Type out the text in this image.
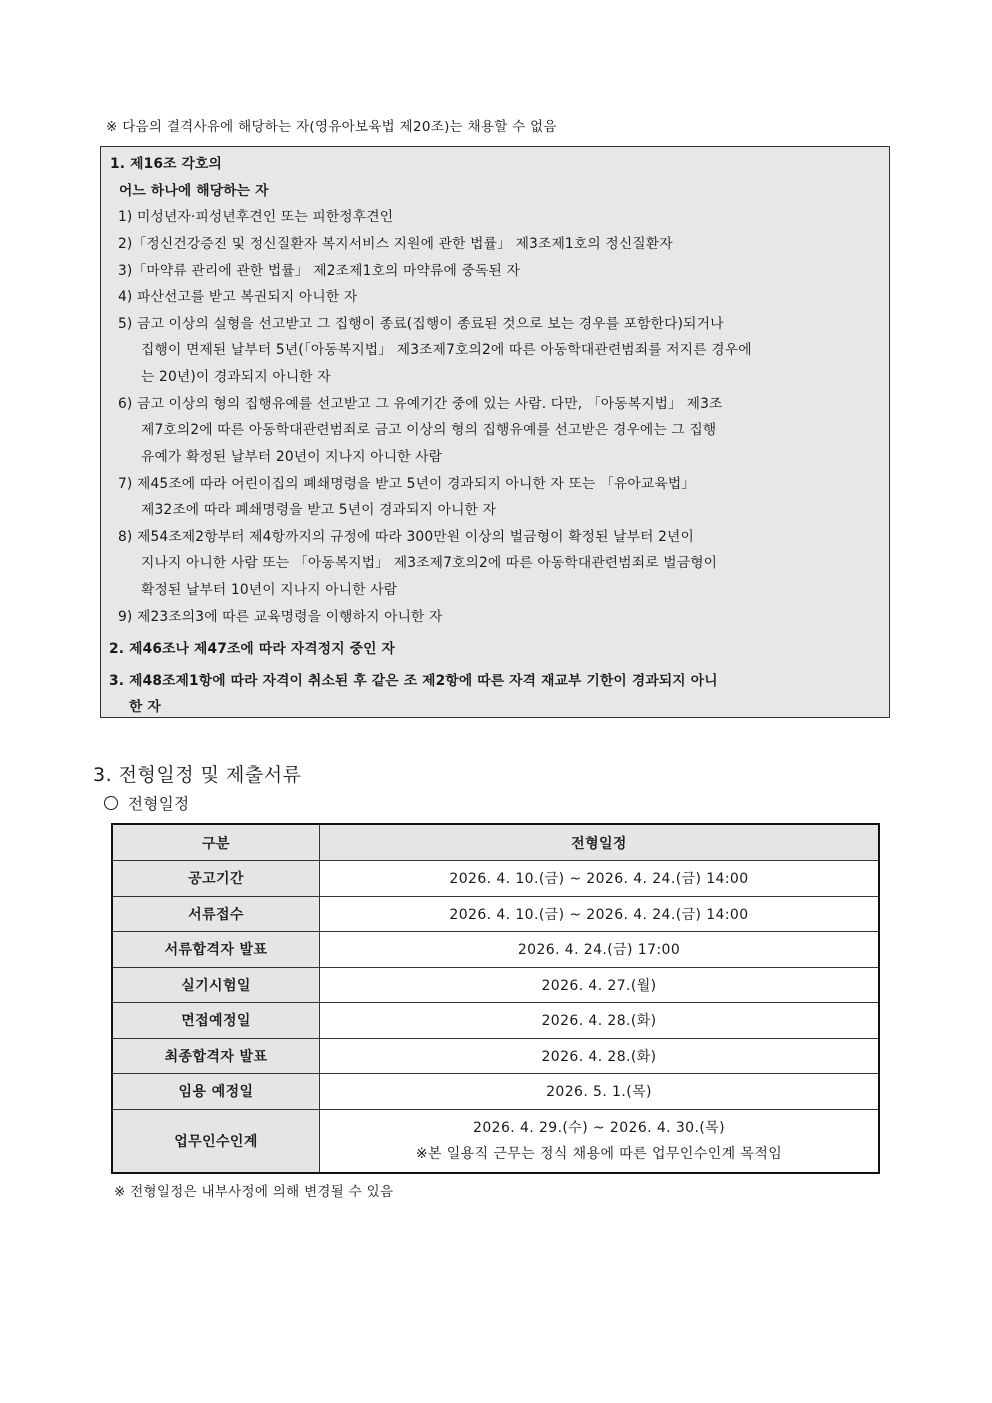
※ 다음의 결격사유에 해당하는 자(영유아보육법 제20조)는 채용할 수 없음
1. 제16조 각호의
어느 하나에 해당하는 자
1) 미성년자·피성년후견인 또는 피한정후견인
2)「정신건강증진 및 정신질환자 복지서비스 지원에 관한 법률」 제3조제1호의 정신질환자
3)「마약류 관리에 관한 법률」 제2조제1호의 마약류에 중독된 자
4) 파산선고를 받고 복권되지 아니한 자
5) 금고 이상의 실형을 선고받고 그 집행이 종료(집행이 종료된 것으로 보는 경우를 포함한다)되거나
집행이 면제된 날부터 5년(「아동복지법」 제3조제7호의2에 따른 아동학대관련범죄를 저지른 경우에
는 20년)이 경과되지 아니한 자
6) 금고 이상의 형의 집행유예를 선고받고 그 유예기간 중에 있는 사람. 다만, 「아동복지법」 제3조
제7호의2에 따른 아동학대관련범죄로 금고 이상의 형의 집행유예를 선고받은 경우에는 그 집행
유예가 확정된 날부터 20년이 지나지 아니한 사람
7) 제45조에 따라 어린이집의 폐쇄명령을 받고 5년이 경과되지 아니한 자 또는 「유아교육법」
제32조에 따라 폐쇄명령을 받고 5년이 경과되지 아니한 자
8) 제54조제2항부터 제4항까지의 규정에 따라 300만원 이상의 벌금형이 확정된 날부터 2년이
지나지 아니한 사람 또는 「아동복지법」 제3조제7호의2에 따른 아동학대관련범죄로 벌금형이
확정된 날부터 10년이 지나지 아니한 사람
9) 제23조의3에 따른 교육명령을 이행하지 아니한 자
2. 제46조나 제47조에 따라 자격정지 중인 자
3. 제48조제1항에 따라 자격이 취소된 후 같은 조 제2항에 따른 자격 재교부 기한이 경과되지 아니
한 자
3. 전형일정 및 제출서류
전형일정
구분	전형일정
공고기간	2026. 4. 10.(금) ~ 2026. 4. 24.(금) 14:00
서류접수	2026. 4. 10.(금) ~ 2026. 4. 24.(금) 14:00
서류합격자 발표	2026. 4. 24.(금) 17:00
실기시험일	2026. 4. 27.(월)
면접예정일	2026. 4. 28.(화)
최종합격자 발표	2026. 4. 28.(화)
임용 예정일	2026. 5. 1.(목)
업무인수인계	2026. 4. 29.(수) ~ 2026. 4. 30.(목)
※본 일용직 근무는 정식 채용에 따른 업무인수인계 목적임
※ 전형일정은 내부사정에 의해 변경될 수 있음
